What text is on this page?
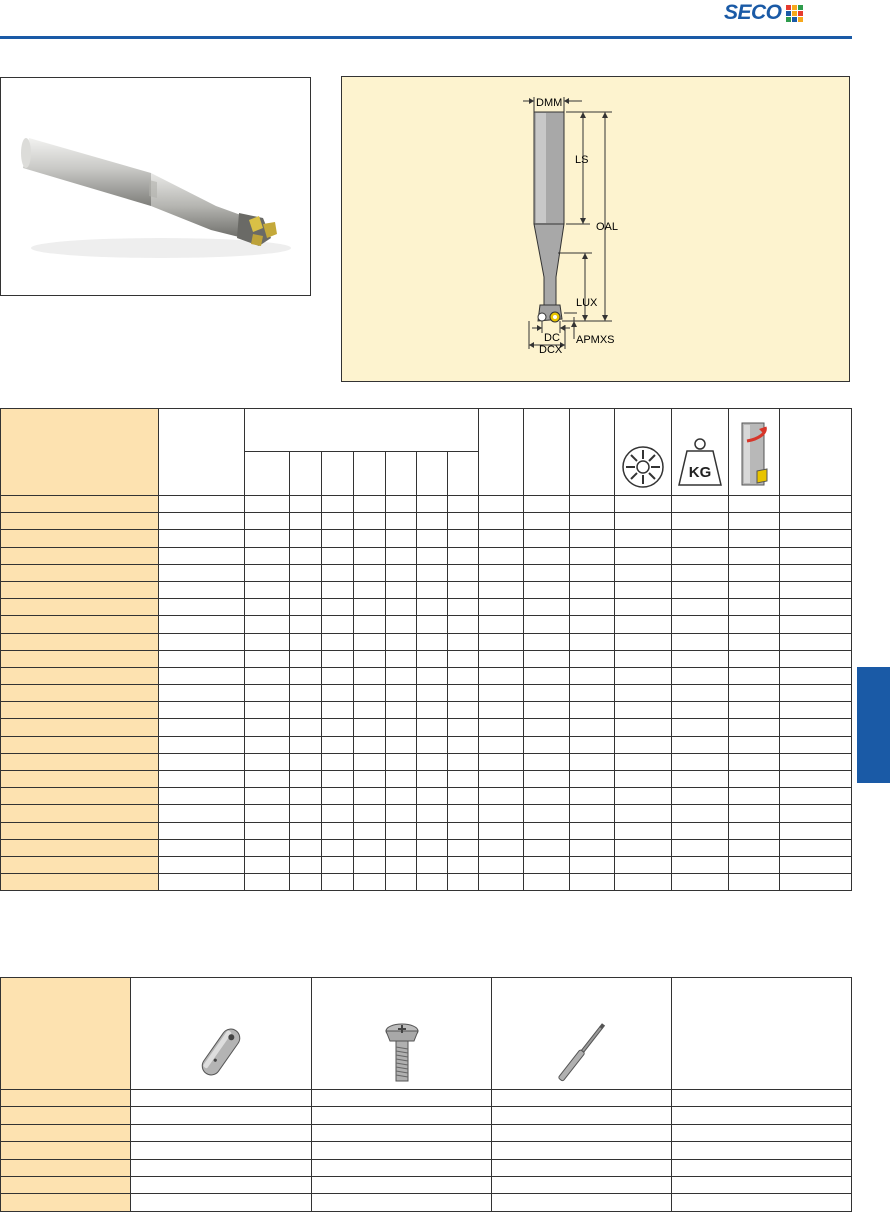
SECO
DMM
LS
OAL
LUX
APMXS
DC
DCX

KG
